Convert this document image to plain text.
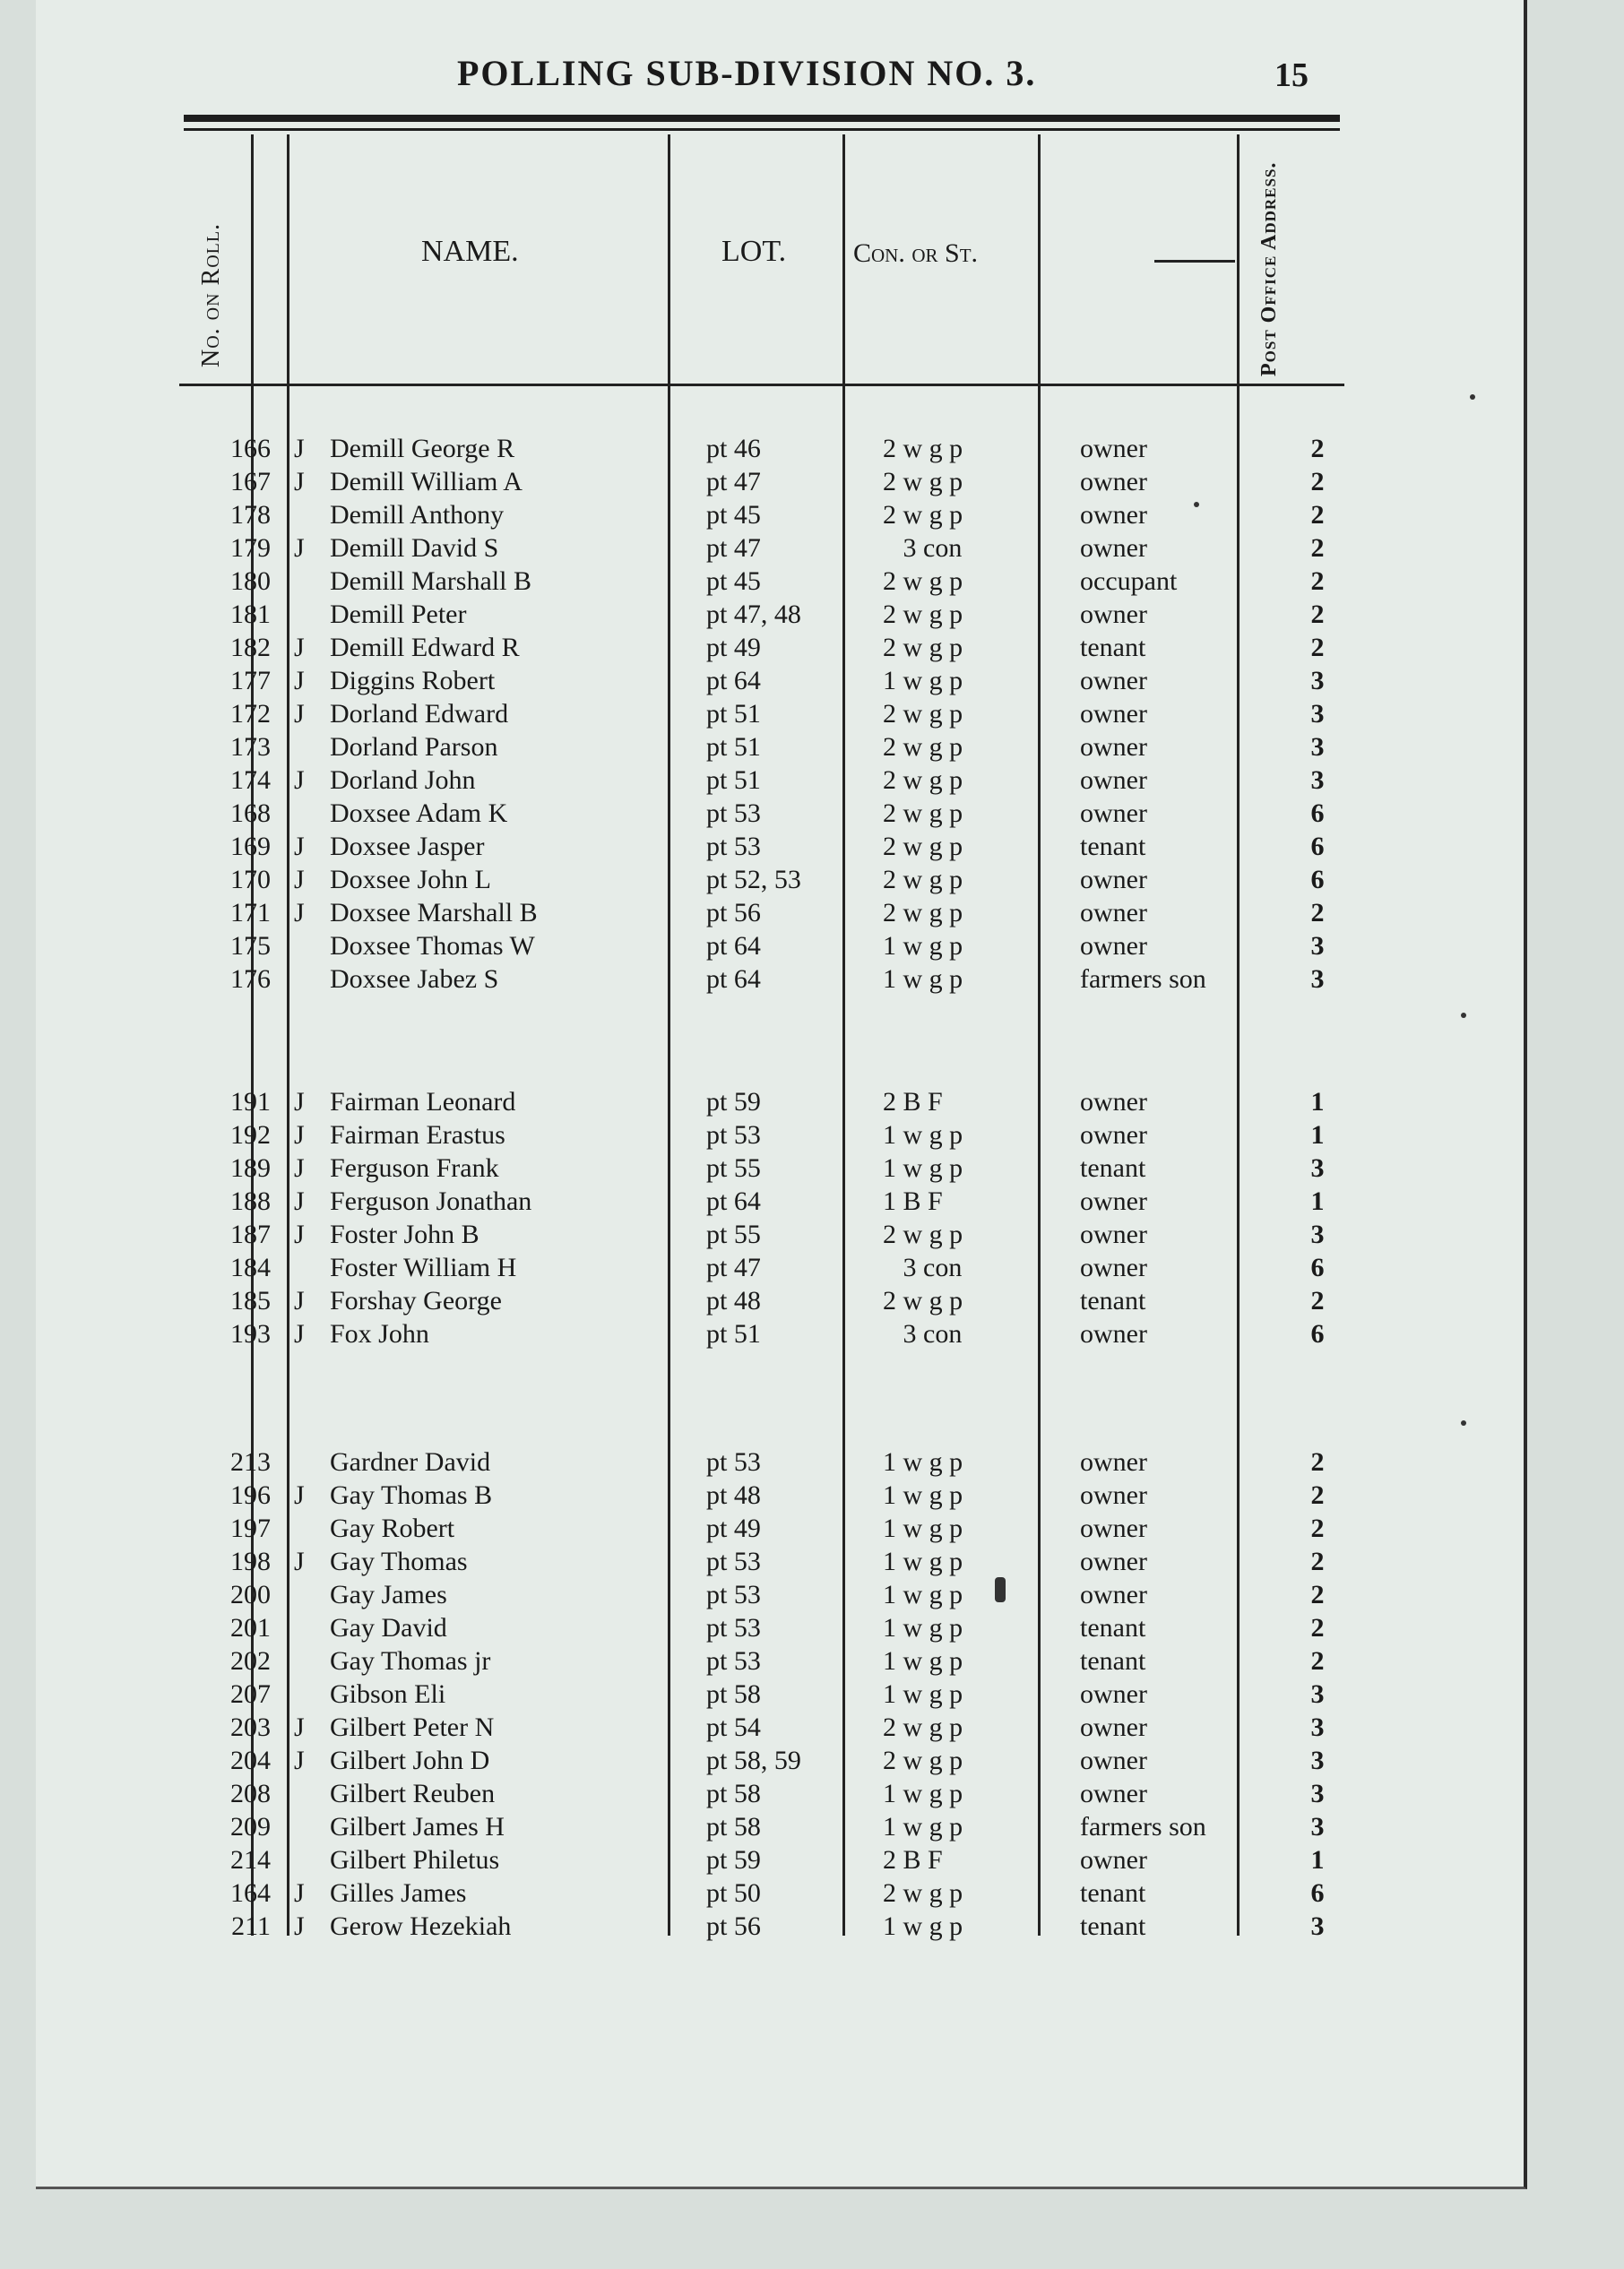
POLLING SUB-DIVISION NO. 3.	15
No. on Roll.	NAME.	LOT. Con. or St.	Post Office Address.
166 J Demill George R	pt 46	2 w g p	owner	2
167 J Demill William A	pt 47	2 w g p	owner	2
178 Demill Anthony	pt 45	2 w g p	owner	2
179 J Demill David S	pt 47	3 con	owner	2
180 Demill Marshall B	pt 45	2 w g p	occupant	2
181 Demill Peter	pt 47, 48	2 w g p	owner	2
182 J Demill Edward R	pt 49	2 w g p	tenant	2
177 J Diggins Robert	pt 64	1 w g p	owner	3
172 J Dorland Edward	pt 51	2 w g p	owner	3
173 Dorland Parson	pt 51	2 w g p	owner	3
174 J Dorland John	pt 51	2 w g p	owner	3
168 Doxsee Adam K	pt 53	2 w g p	owner	6
169 J Doxsee Jasper	pt 53	2 w g p	tenant	6
170 J Doxsee John L	pt 52, 53	2 w g p	owner	6
171 J Doxsee Marshall B	pt 56	2 w g p	owner	2
175 Doxsee Thomas W	pt 64	1 w g p	owner	3
176 Doxsee Jabez S	pt 64	1 w g p	farmers son	3
191 J Fairman Leonard	pt 59	2 B F	owner	1
192 J Fairman Erastus	pt 53	1 w g p	owner	1
189 J Ferguson Frank	pt 55	1 w g p	tenant	3
188 J Ferguson Jonathan	pt 64	1 B F	owner	1
187 J Foster John B	pt 55	2 w g p	owner	3
184 Foster William H	pt 47	3 con	owner	6
185 J Forshay George	pt 48	2 w g p	tenant	2
193 J Fox John	pt 51	3 con	owner	6
213 Gardner David	pt 53	1 w g p	owner	2
196 J Gay Thomas B	pt 48	1 w g p	owner	2
197 Gay Robert	pt 49	1 w g p	owner	2
198 J Gay Thomas	pt 53	1 w g p	owner	2
200 Gay James	pt 53	1 w g p	owner	2
201 Gay David	pt 53	1 w g p	tenant	2
202 Gay Thomas jr	pt 53	1 w g p	tenant	2
207 Gibson Eli	pt 58	1 w g p	owner	3
203 J Gilbert Peter N	pt 54	2 w g p	owner	3
204 J Gilbert John D	pt 58, 59	2 w g p	owner	3
208 Gilbert Reuben	pt 58	1 w g p	owner	3
209 Gilbert James H	pt 58	1 w g p	farmers son	3
214 Gilbert Philetus	pt 59	2 B F	owner	1
164 J Gilles James	pt 50	2 w g p	tenant	6
211 J Gerow Hezekiah	pt 56	1 w g p	tenant	3
